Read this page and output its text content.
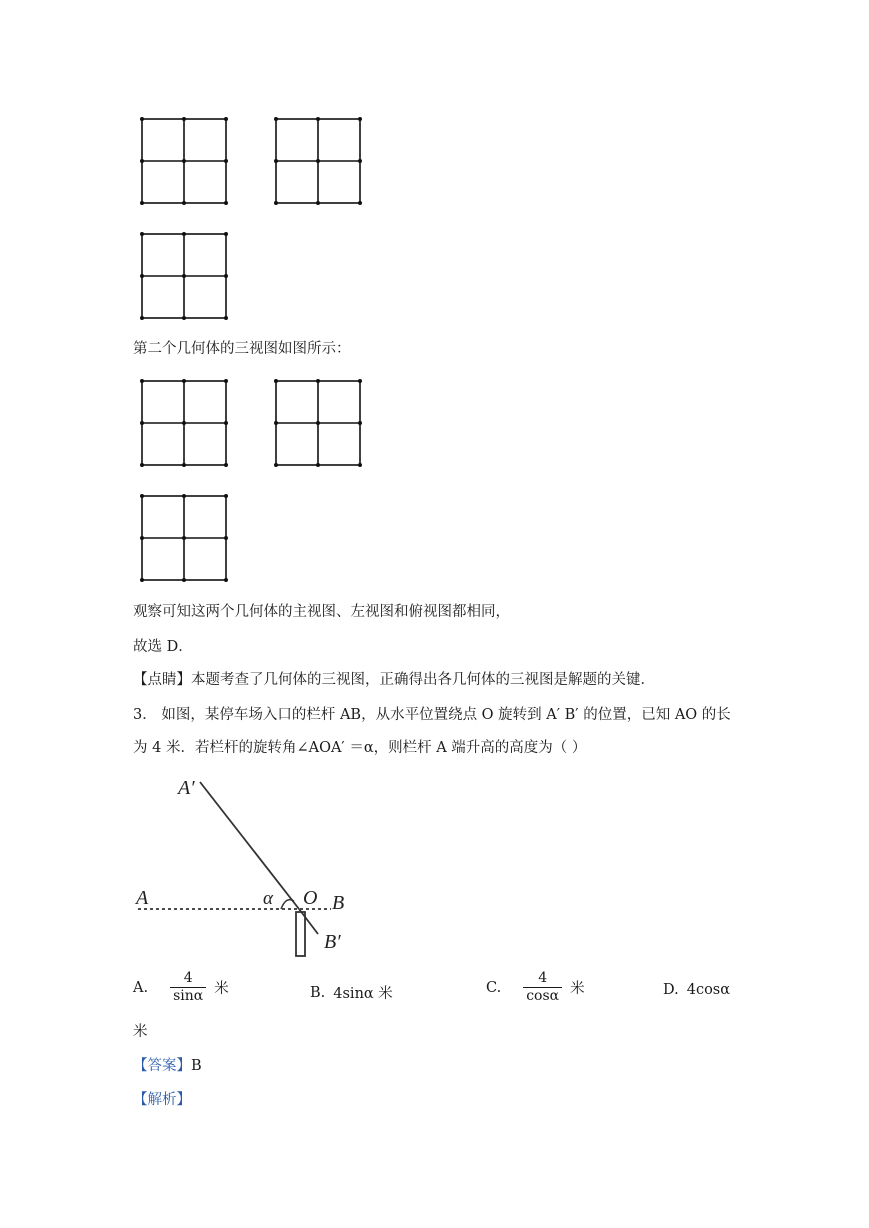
第二个几何体的三视图如图所示：
观察可知这两个几何体的主视图、左视图和俯视图都相同，
故选 D．
【点睛】本题考查了几何体的三视图，正确得出各几何体的三视图是解题的关键．
3． 如图，某停车场入口的栏杆 AB，从水平位置绕点 O 旋转到 A′ B′ 的位置，已知 AO 的长
为 4 米．若栏杆的旋转角∠AOA′ ＝α，则栏杆 A 端升高的高度为（ ）
A′
A	α O B
B′
A. $\frac{4}{\sin\alpha}$ 米	B. 4sinα 米	C. $\frac{4}{\cos\alpha}$ 米	D. 4cosα
米
【答案】B
【解析】
